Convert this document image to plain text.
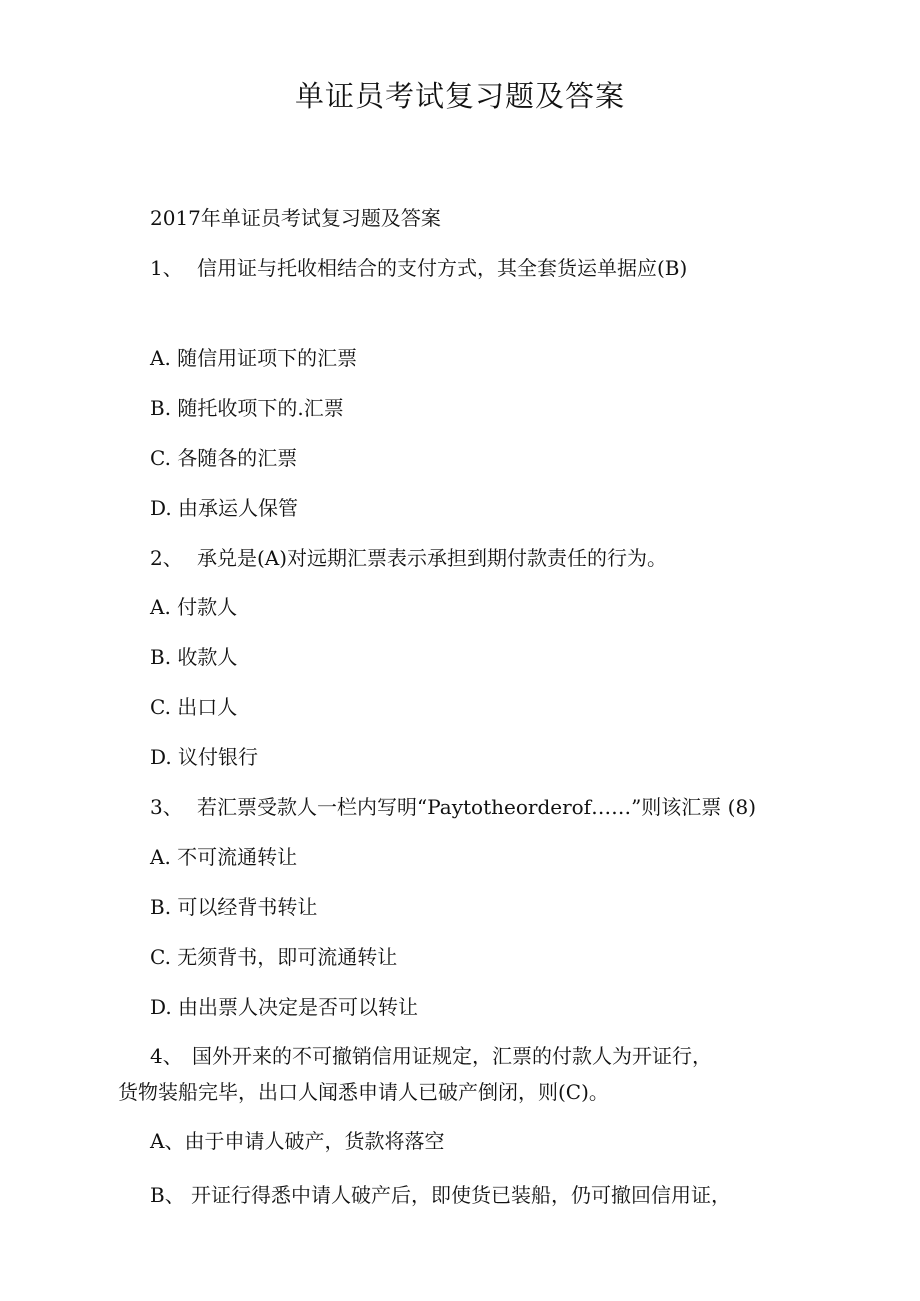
单证员考试复习题及答案
2017年单证员考试复习题及答案
1、 信用证与托收相结合的支付方式，其全套货运单据应(B)
A. 随信用证项下的汇票
B. 随托收项下的.汇票
C. 各随各的汇票
D. 由承运人保管
2、 承兑是(A)对远期汇票表示承担到期付款责任的行为。
A. 付款人
B. 收款人
C. 出口人
D. 议付银行
3、 若汇票受款人一栏内写明“Paytotheorderof……”则该汇票 (8)
A. 不可流通转让
B. 可以经背书转让
C. 无须背书，即可流通转让
D. 由出票人决定是否可以转让
4、 国外开来的不可撤销信用证规定，汇票的付款人为开证行，
货物装船完毕，出口人闻悉申请人已破产倒闭，则(C)。
A、由于申请人破产，货款将落空
B、 开证行得悉中请人破产后，即使货已装船，仍可撤回信用证，
